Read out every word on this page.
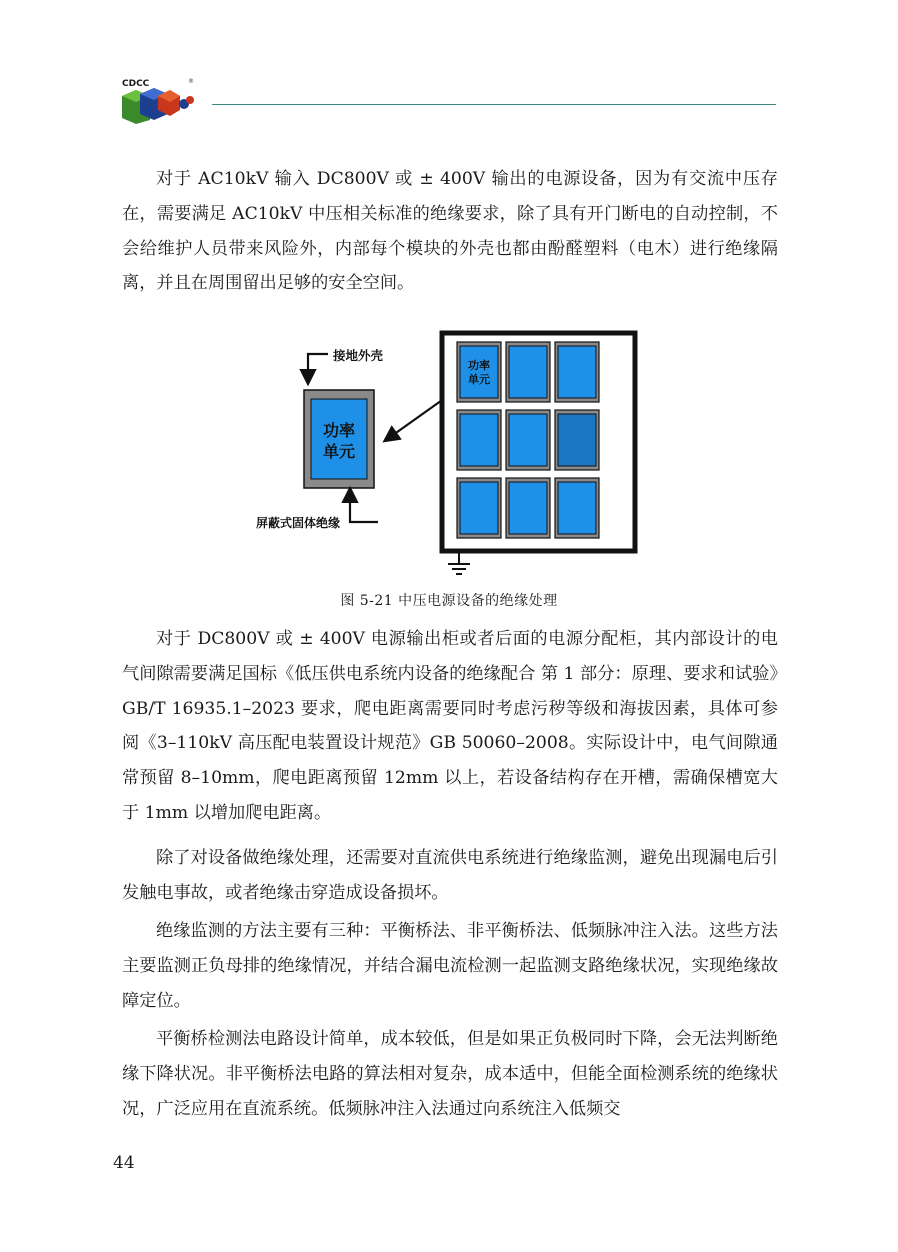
CDCC	®

对于 AC10kV 输入 DC800V 或 ± 400V 输出的电源设备，因为有交流中压存在，需要满足 AC10kV 中压相关标准的绝缘要求，除了具有开门断电的自动控制，不会给维护人员带来风险外，内部每个模块的外壳也都由酚醛塑料（电木）进行绝缘隔离，并且在周围留出足够的安全空间。

接地外壳
功率
单元
屏蔽式固体绝缘
功率
单元
图 5-21 中压电源设备的绝缘处理

对于 DC800V 或 ± 400V 电源输出柜或者后面的电源分配柜，其内部设计的电气间隙需要满足国标《低压供电系统内设备的绝缘配合 第 1 部分：原理、要求和试验》GB/T 16935.1–2023 要求，爬电距离需要同时考虑污秽等级和海拔因素，具体可参阅《3–110kV 高压配电装置设计规范》GB 50060–2008。实际设计中，电气间隙通常预留 8–10mm，爬电距离预留 12mm 以上，若设备结构存在开槽，需确保槽宽大于 1mm 以增加爬电距离。

除了对设备做绝缘处理，还需要对直流供电系统进行绝缘监测，避免出现漏电后引发触电事故，或者绝缘击穿造成设备损坏。

绝缘监测的方法主要有三种：平衡桥法、非平衡桥法、低频脉冲注入法。这些方法主要监测正负母排的绝缘情况，并结合漏电流检测一起监测支路绝缘状况，实现绝缘故障定位。

平衡桥检测法电路设计简单，成本较低，但是如果正负极同时下降，会无法判断绝缘下降状况。非平衡桥法电路的算法相对复杂，成本适中，但能全面检测系统的绝缘状况，广泛应用在直流系统。低频脉冲注入法通过向系统注入低频交

44
